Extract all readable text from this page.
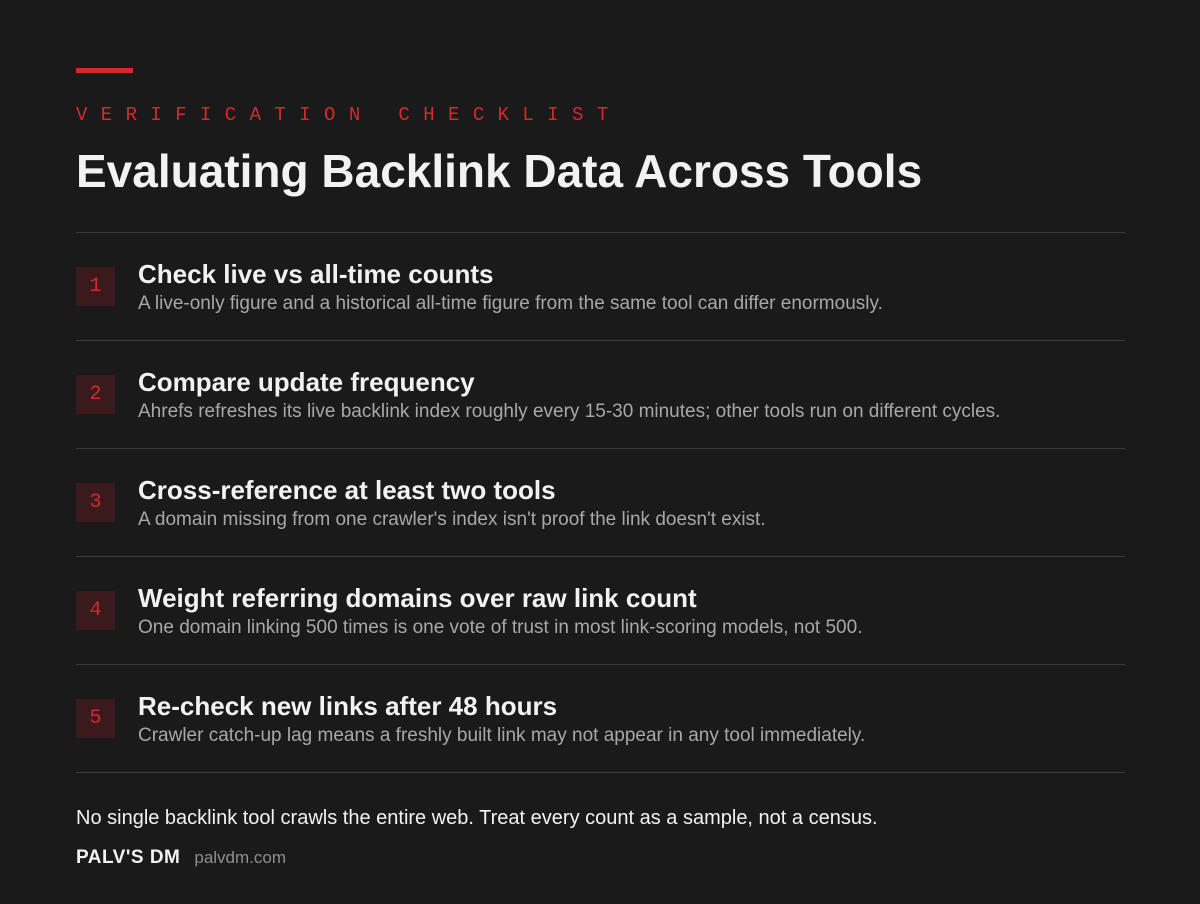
VERIFICATION CHECKLIST
Evaluating Backlink Data Across Tools
1	Check live vs all-time counts
A live-only figure and a historical all-time figure from the same tool can differ enormously.
2	Compare update frequency
Ahrefs refreshes its live backlink index roughly every 15-30 minutes; other tools run on different cycles.
3	Cross-reference at least two tools
A domain missing from one crawler's index isn't proof the link doesn't exist.
4	Weight referring domains over raw link count
One domain linking 500 times is one vote of trust in most link-scoring models, not 500.
5	Re-check new links after 48 hours
Crawler catch-up lag means a freshly built link may not appear in any tool immediately.
No single backlink tool crawls the entire web. Treat every count as a sample, not a census.
PALV'S DM palvdm.com
